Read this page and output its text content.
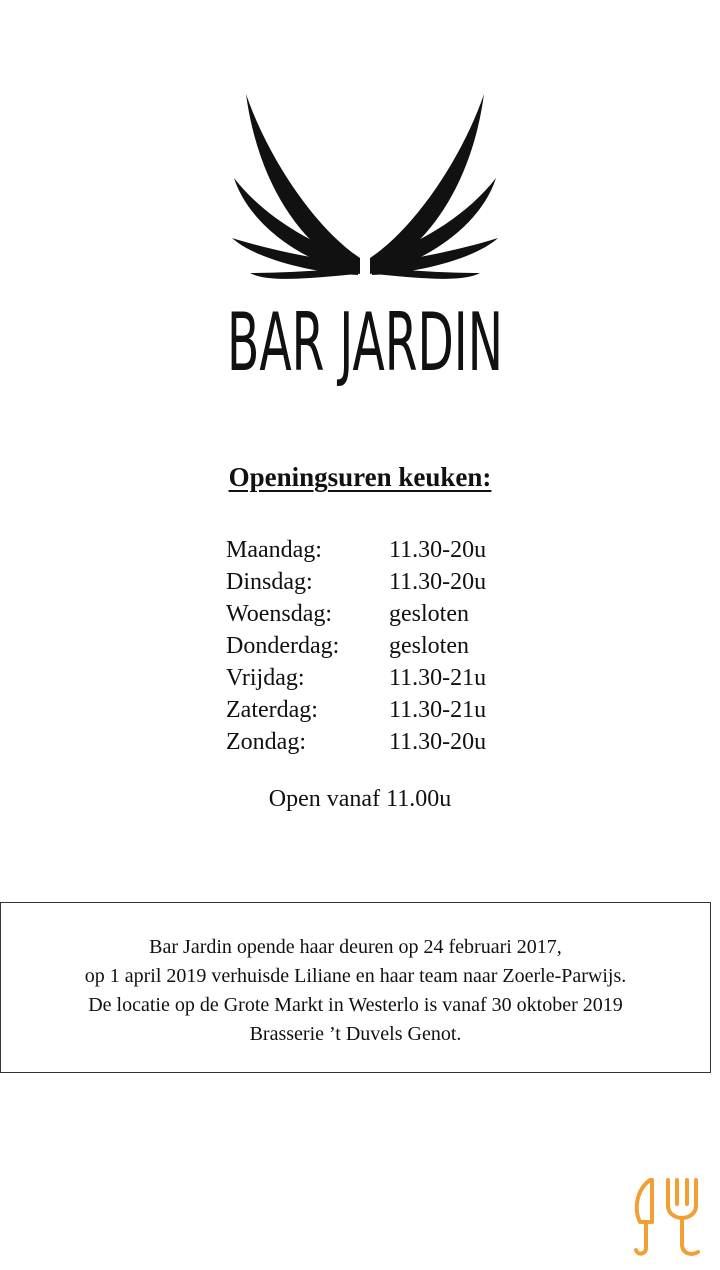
BAR JARDIN
Openingsuren keuken:
Maandag:	11.30-20u
Dinsdag:	11.30-20u
Woensdag:	gesloten
Donderdag:	gesloten
Vrijdag:	11.30-21u
Zaterdag:	11.30-21u
Zondag:	11.30-20u
Open vanaf 11.00u
Bar Jardin opende haar deuren op 24 februari 2017,
op 1 april 2019 verhuisde Liliane en haar team naar Zoerle-Parwijs.
De locatie op de Grote Markt in Westerlo is vanaf 30 oktober 2019
Brasserie ’t Duvels Genot.
